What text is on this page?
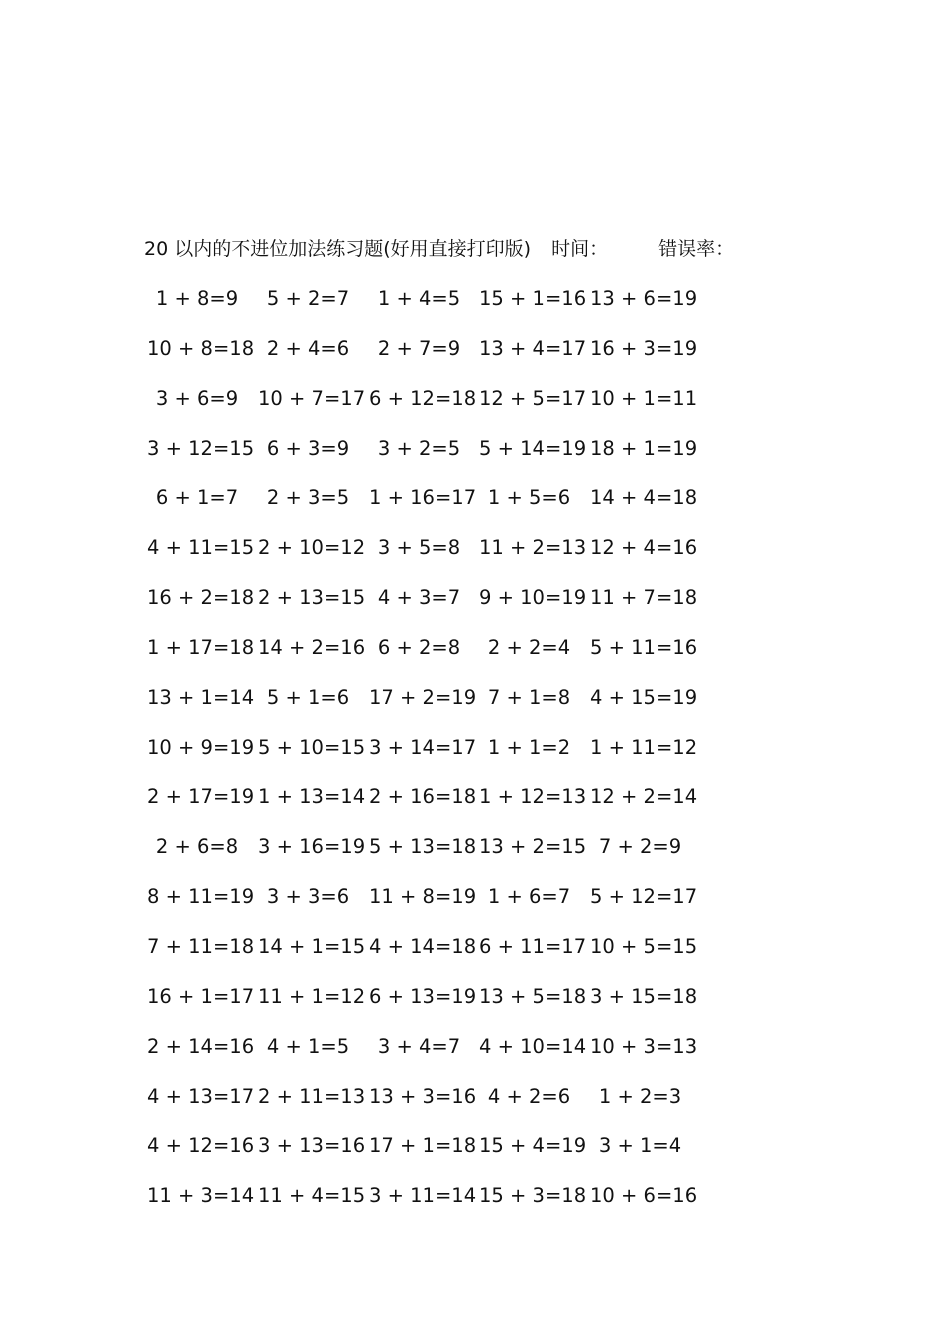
20 以内的不进位加法练习题(好用直接打印版) 时间：	错误率：
1 + 8=9	5 + 2=7	1 + 4=5 15 + 1=16 13 + 6=19
10 + 8=18 2 + 4=6	2 + 7=9 13 + 4=17 16 + 3=19
3 + 6=9	10 + 7=17 6 + 12=18 12 + 5=17 10 + 1=11
3 + 12=15 6 + 3=9	3 + 2=5 5 + 14=19 18 + 1=19
6 + 1=7	2 + 3=5	1 + 16=17 1 + 5=6	14 + 4=18
4 + 11=15 2 + 10=12 3 + 5=8 11 + 2=13 12 + 4=16
16 + 2=18 2 + 13=15 4 + 3=7 9 + 10=19 11 + 7=18
1 + 17=18 14 + 2=16 6 + 2=8	2 + 2=4	5 + 11=16
13 + 1=14 5 + 1=6	17 + 2=19 7 + 1=8	4 + 15=19
10 + 9=19 5 + 10=15 3 + 14=17 1 + 1=2	1 + 11=12
2 + 17=19 1 + 13=14 2 + 16=18 1 + 12=13 12 + 2=14
2 + 6=8	3 + 16=19 5 + 13=18 13 + 2=15 7 + 2=9
8 + 11=19 3 + 3=6	11 + 8=19 1 + 6=7	5 + 12=17
7 + 11=18 14 + 1=15 4 + 14=18 6 + 11=17 10 + 5=15
16 + 1=17 11 + 1=12 6 + 13=19 13 + 5=18 3 + 15=18
2 + 14=16 4 + 1=5	3 + 4=7 4 + 10=14 10 + 3=13
4 + 13=17 2 + 11=13 13 + 3=16 4 + 2=6	1 + 2=3
4 + 12=16 3 + 13=16 17 + 1=18 15 + 4=19 3 + 1=4
11 + 3=14 11 + 4=15 3 + 11=14 15 + 3=18 10 + 6=16
